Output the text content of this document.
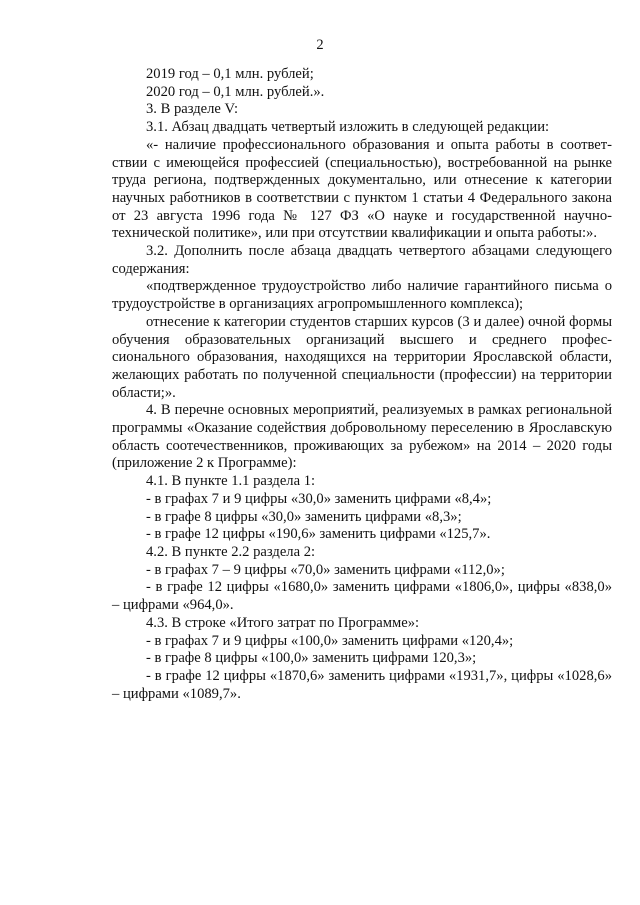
2

2019 год – 0,1 млн. рублей;

2020 год – 0,1 млн. рублей.».

3. В разделе V:

3.1. Абзац двадцать четвертый изложить в следующей редакции:

«- наличие профессионального образования и опыта работы в соответствии с имеющейся профессией (специальностью), востребованной на рынке труда региона, подтвержденных документально, или отнесение к категории научных работников в соответствии с пунктом 1 статьи 4 Федерального закона от 23 августа 1996 года № 127 ФЗ «О науке и государственной научно-технической политике», или при отсутствии квалификации и опыта работы:».

3.2. Дополнить после абзаца двадцать четвертого абзацами следующего содержания:

«подтвержденное трудоустройство либо наличие гарантийного письма о трудоустройстве в организациях агропромышленного комплекса);

отнесение к категории студентов старших курсов (3 и далее) очной формы обучения образовательных организаций высшего и среднего профессионального образования, находящихся на территории Ярославской области, желающих работать по полученной специальности (профессии) на территории области;».

4. В перечне основных мероприятий, реализуемых в рамках региональной программы «Оказание содействия добровольному переселению в Ярославскую область соотечественников, проживающих за рубежом» на 2014 – 2020 годы (приложение 2 к Программе):

4.1. В пункте 1.1 раздела 1:

- в графах 7 и 9 цифры «30,0» заменить цифрами «8,4»;

- в графе 8 цифры «30,0» заменить цифрами «8,3»;

- в графе 12 цифры «190,6» заменить цифрами «125,7».

4.2. В пункте 2.2 раздела 2:

- в графах 7 – 9 цифры «70,0» заменить цифрами «112,0»;

- в графе 12 цифры «1680,0» заменить цифрами «1806,0», цифры «838,0» – цифрами «964,0».

4.3. В строке «Итого затрат по Программе»:

- в графах 7 и 9 цифры «100,0» заменить цифрами «120,4»;

- в графе 8 цифры «100,0» заменить цифрами 120,3»;

- в графе 12 цифры «1870,6» заменить цифрами «1931,7», цифры «1028,6» – цифрами «1089,7».
